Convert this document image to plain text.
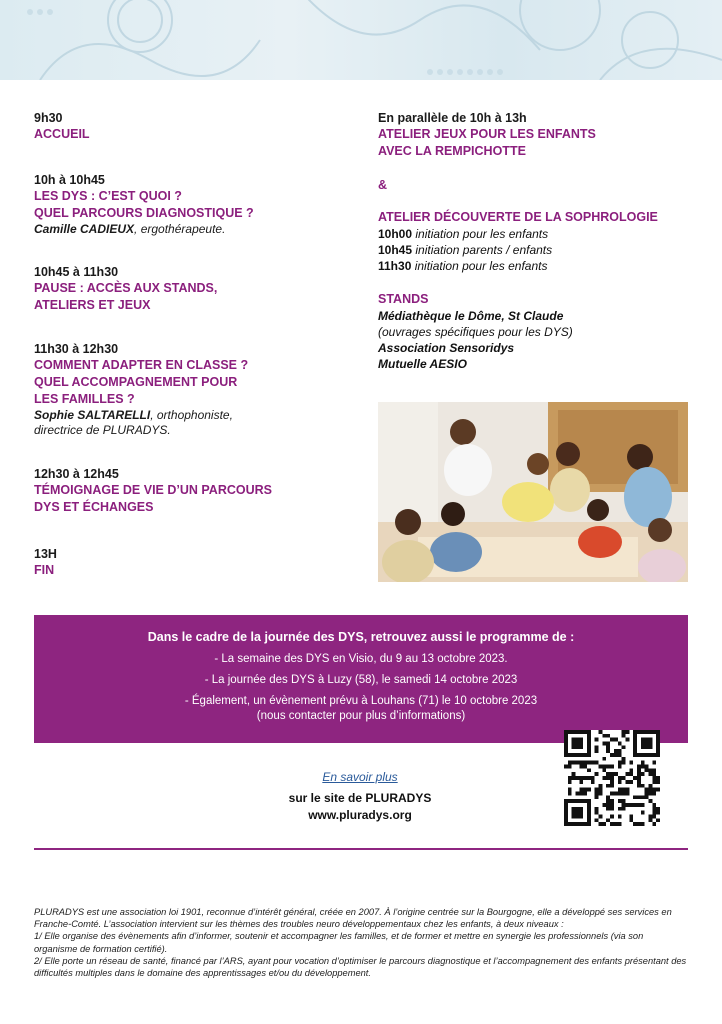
9h30
ACCUEIL
10h à 10h45
LES DYS : C’EST QUOI ?
QUEL PARCOURS DIAGNOSTIQUE ?
Camille CADIEUX, ergothérapeute.
10h45 à 11h30
PAUSE : ACCÈS AUX STANDS,
ATELIERS ET JEUX
11h30 à 12h30
COMMENT ADAPTER EN CLASSE ?
QUEL ACCOMPAGNEMENT POUR
LES FAMILLES ?
Sophie SALTARELLI, orthophoniste,
directrice de PLURADYS.
12h30 à 12h45
TÉMOIGNAGE DE VIE D’UN PARCOURS
DYS ET ÉCHANGES
13H
FIN
En parallèle de 10h à 13h
ATELIER JEUX POUR LES ENFANTS
AVEC LA REMPICHOTTE
&
ATELIER DÉCOUVERTE DE LA SOPHROLOGIE
10h00 initiation pour les enfants
10h45 initiation parents / enfants
11h30 initiation pour les enfants
STANDS
Médiathèque le Dôme, St Claude
(ouvrages spécifiques pour les DYS)
Association Sensoridys
Mutuelle AESIO
Dans le cadre de la journée des DYS, retrouvez aussi le programme de :
- La semaine des DYS en Visio, du 9 au 13 octobre 2023.
- La journée des DYS à Luzy (58), le samedi 14 octobre 2023
- Également, un évènement prévu à Louhans (71) le 10 octobre 2023
(nous contacter pour plus d’informations)
En savoir plus
sur le site de PLURADYS
www.pluradys.org
PLURADYS est une association loi 1901, reconnue d’intérêt général, créée en 2007. À l’origine centrée sur la Bourgogne, elle a développé ses services en Franche-Comté. L’association intervient sur les thèmes des troubles neuro développementaux chez les enfants, à deux niveaux :
1/ Elle organise des évènements afin d’informer, soutenir et accompagner les familles, et de former et mettre en synergie les professionnels (via son organisme de formation certifié).
2/ Elle porte un réseau de santé, financé par l’ARS, ayant pour vocation d’optimiser le parcours diagnostique et l’accompagnement des enfants présentant des difficultés multiples dans le domaine des apprentissages et/ou du développement.
